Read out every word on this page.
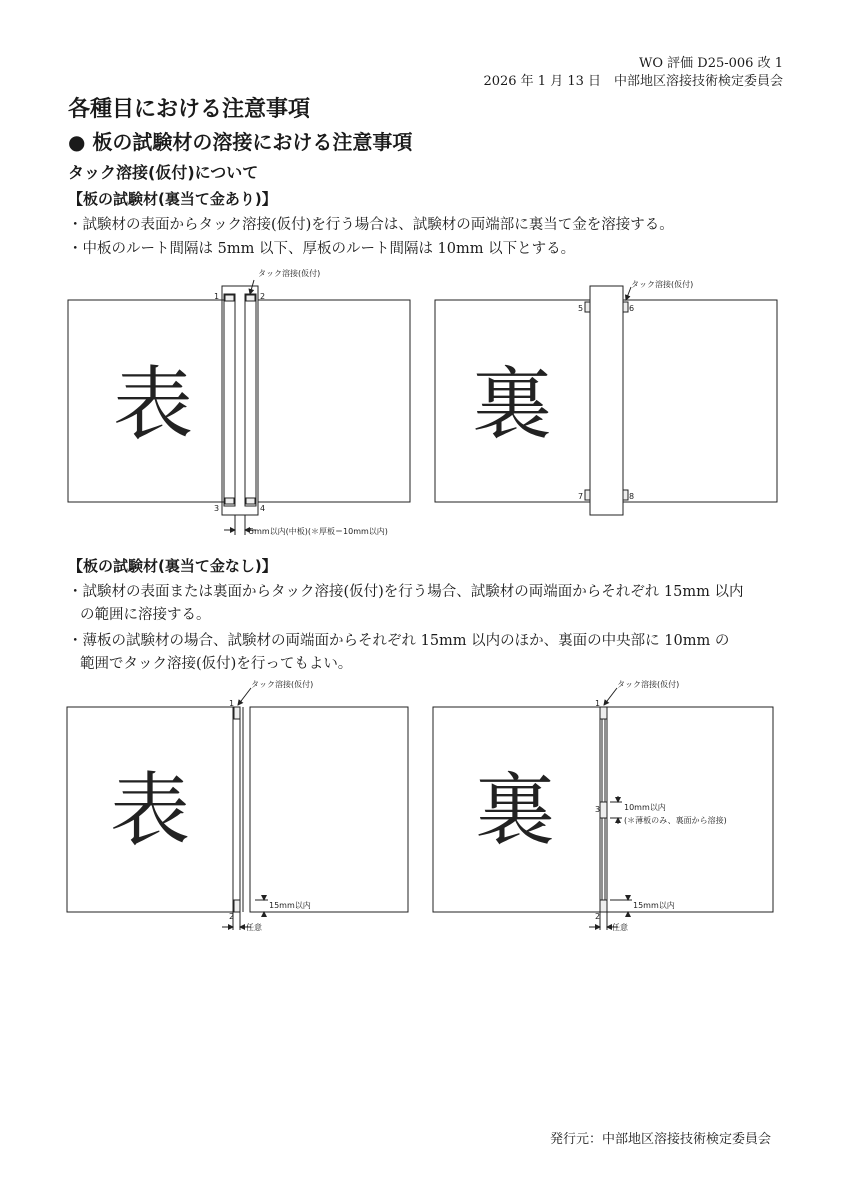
WO 評価 D25-006 改 1
2026 年 1 月 13 日　中部地区溶接技術検定委員会
各種目における注意事項
● 板の試験材の溶接における注意事項
タック溶接(仮付)について
【板の試験材(裏当て金あり)】
・試験材の表面からタック溶接(仮付)を行う場合は、試験材の両端部に裏当て金を溶接する。
・中板のルート間隔は 5mm 以下、厚板のルート間隔は 10mm 以下とする。
【板の試験材(裏当て金なし)】
・試験材の表面または裏面からタック溶接(仮付)を行う場合、試験材の両端面からそれぞれ 15mm 以内
の範囲に溶接する。
・薄板の試験材の場合、試験材の両端面からそれぞれ 15mm 以内のほか、裏面の中央部に 10mm の
範囲でタック溶接(仮付)を行ってもよい。
表	裏
表	裏
タック溶接(仮付)
1	2
3	4
5mm以内(中板)(＊厚板＝10mm以内)
タック溶接(仮付)
5	6
7	8
タック溶接(仮付)
1
2
15mm以内
任意
タック溶接(仮付)
1
3
2
10mm以内
(＊薄板のみ、裏面から溶接)
15mm以内
任意
発行元：中部地区溶接技術検定委員会
